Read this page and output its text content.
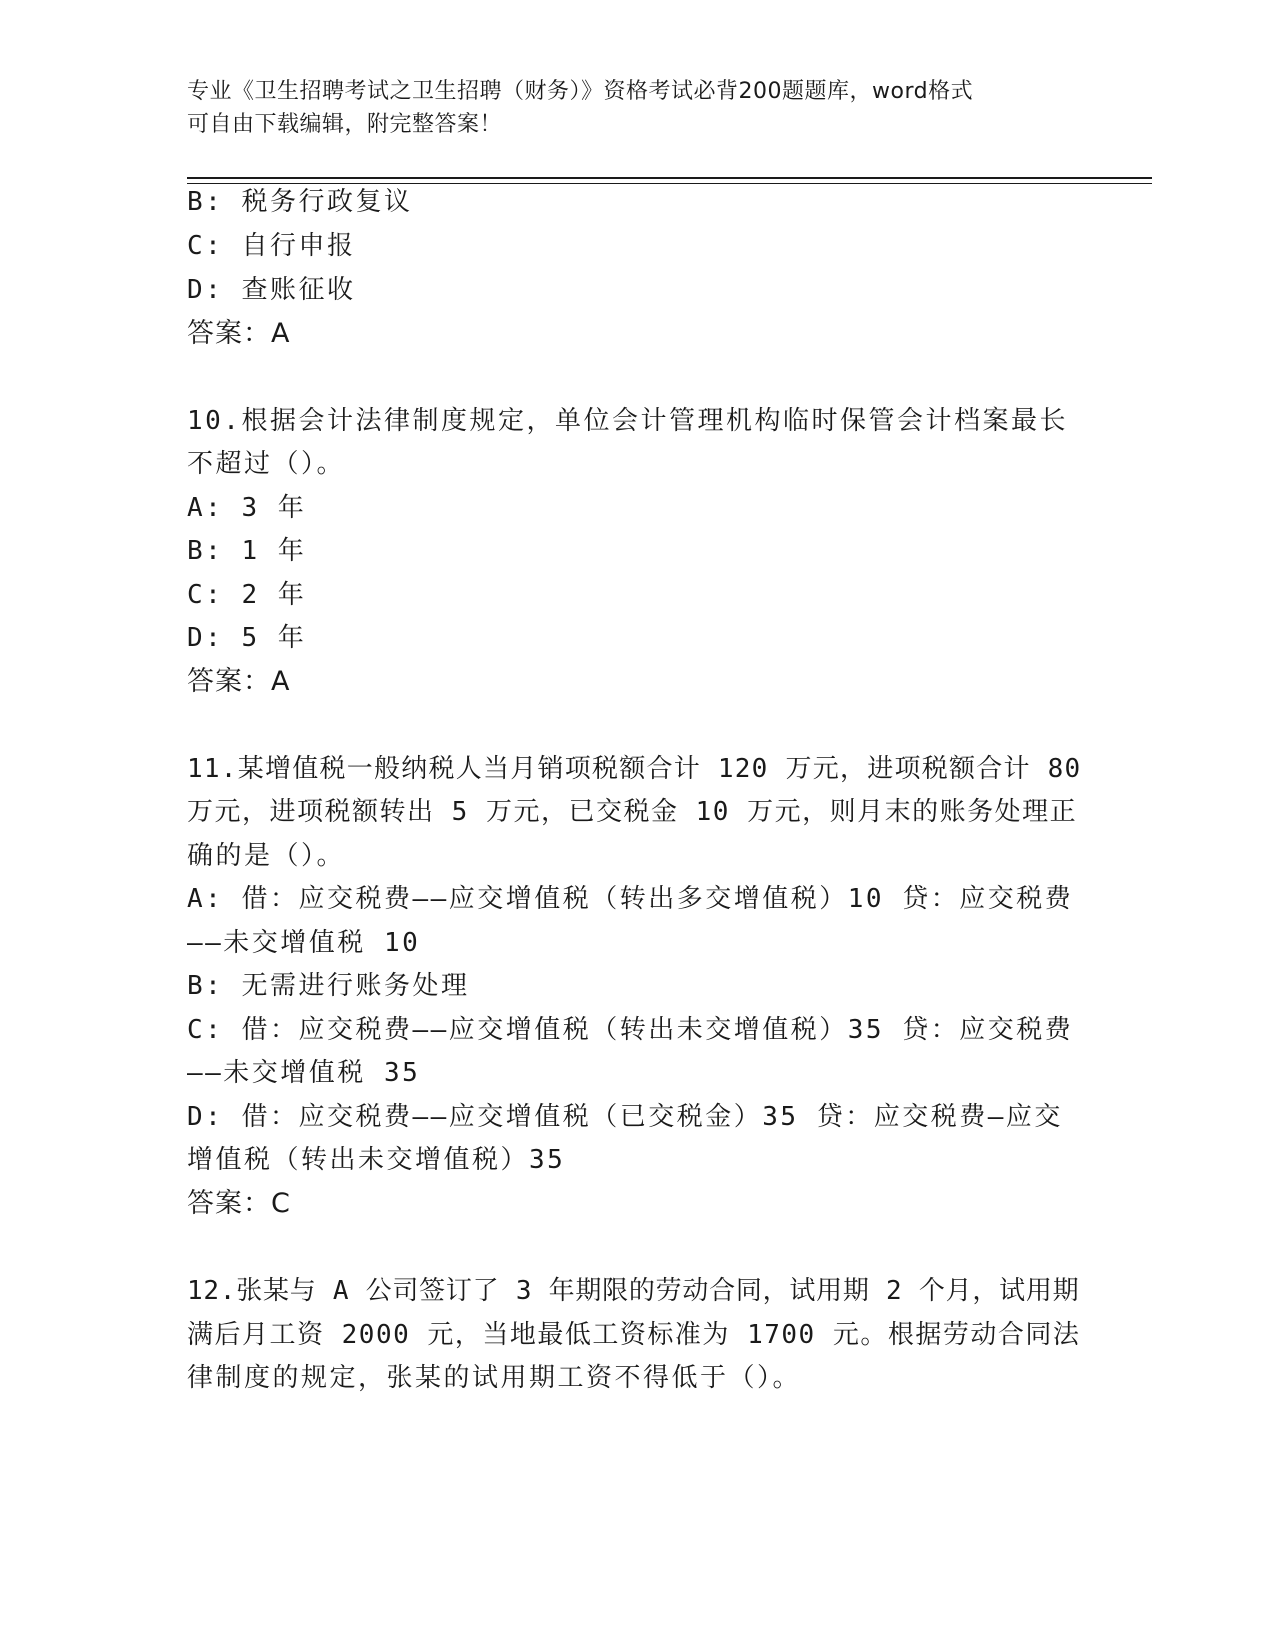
专业《卫生招聘考试之卫生招聘（财务）》资格考试必背200题题库，word格式
可自由下载编辑，附完整答案！
B: 税务行政复议
C: 自行申报
D: 查账征收
答案：A
10.根据会计法律制度规定，单位会计管理机构临时保管会计档案最长
不超过（）。
A: 3 年
B: 1 年
C: 2 年
D: 5 年
答案：A
11.某增值税一般纳税人当月销项税额合计 120 万元，进项税额合计 80
万元，进项税额转出 5 万元，已交税金 10 万元，则月末的账务处理正
确的是（）。
A: 借：应交税费——应交增值税（转出多交增值税）10 贷：应交税费
——未交增值税 10
B: 无需进行账务处理
C: 借：应交税费——应交增值税（转出未交增值税）35 贷：应交税费
——未交增值税 35
D: 借：应交税费——应交增值税（已交税金）35 贷：应交税费—应交
增值税（转出未交增值税）35
答案：C
12.张某与 A 公司签订了 3 年期限的劳动合同，试用期 2 个月，试用期
满后月工资 2000 元，当地最低工资标准为 1700 元。根据劳动合同法
律制度的规定，张某的试用期工资不得低于（）。
